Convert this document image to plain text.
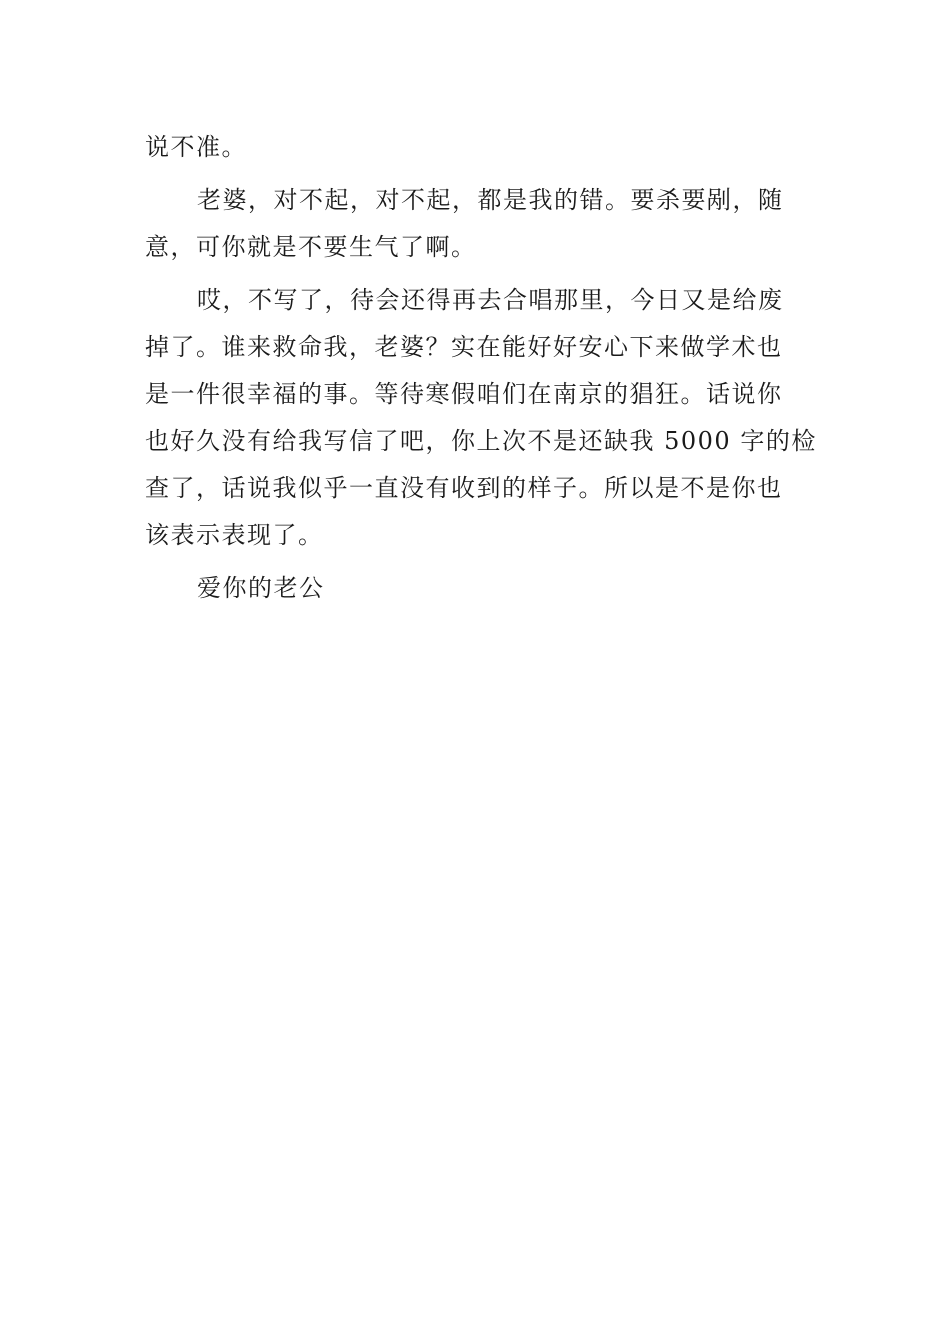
说不准。

老婆，对不起，对不起，都是我的错。要杀要剐，随
意，可你就是不要生气了啊。

哎，不写了，待会还得再去合唱那里，今日又是给废
掉了。谁来救命我，老婆？实在能好好安心下来做学术也
是一件很幸福的事。等待寒假咱们在南京的猖狂。话说你
也好久没有给我写信了吧，你上次不是还缺我 5000 字的检
查了，话说我似乎一直没有收到的样子。所以是不是你也
该表示表现了。

爱你的老公
